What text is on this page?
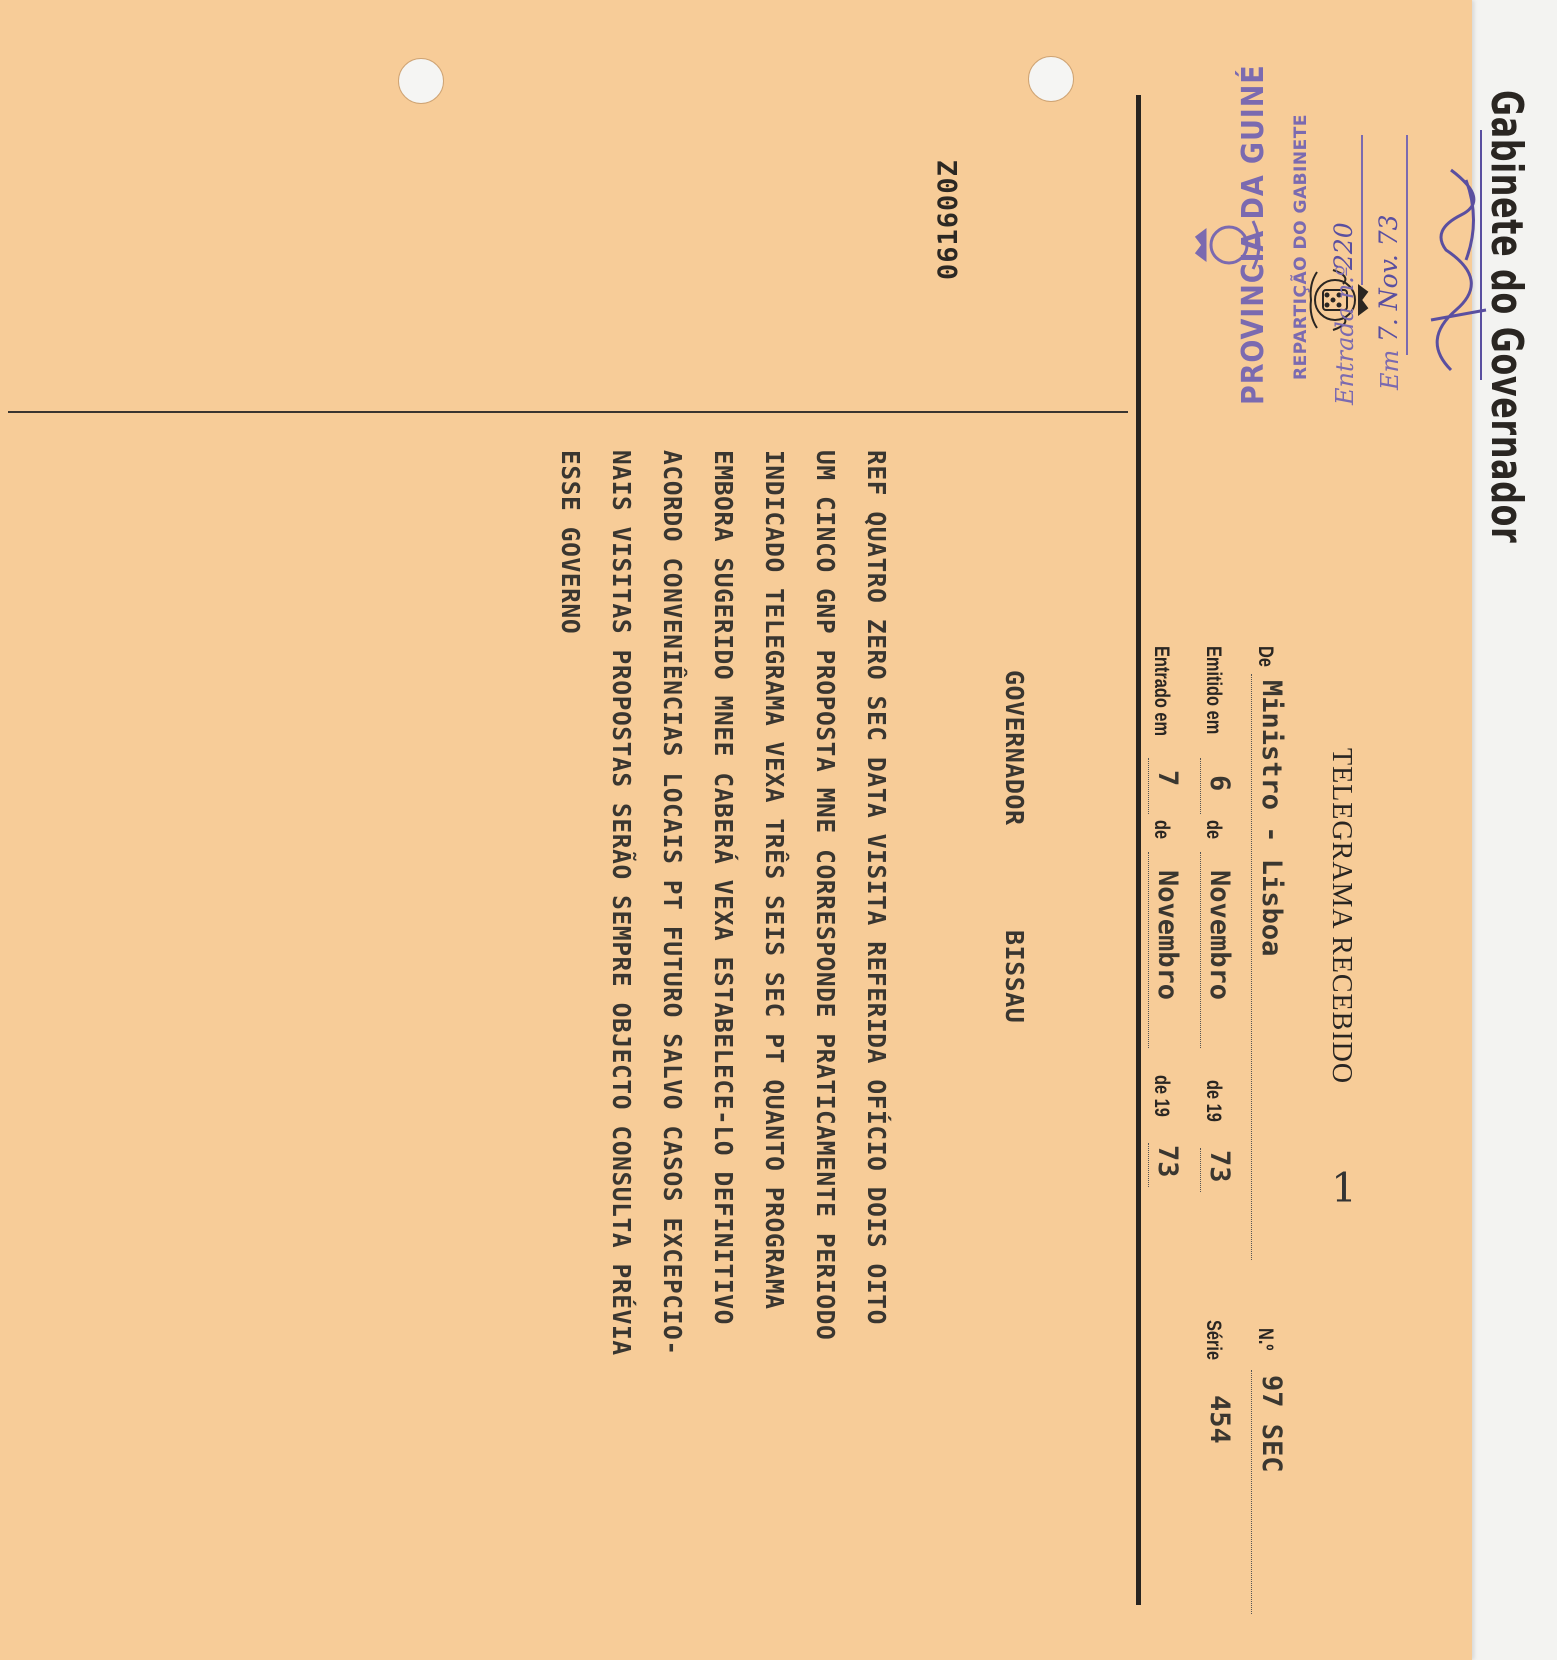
Gabinete do Governador
TELEGRAMA RECEBIDO
De
Ministro - Lisboa
N.º
97 SEC
Emitido em
6
de
Novembro
de 19
73
Série
454
Entrado em
7
de
Novembro
de 19
73
1
GOVERNADOR
BISSAU
REF QUATRO ZERO SEC DATA VISITA REFERIDA OFÍCIO DOIS OITO
UM CINCO GNP PROPOSTA MNE CORRESPONDE PRATICAMENTE PERIODO
INDICADO TELEGRAMA VEXA TRÊS SEIS SEC PT QUANTO PROGRAMA
EMBORA SUGERIDO MNEE CABERÁ VEXA ESTABELECE-LO DEFINITIVO
ACORDO CONVENIÊNCIAS LOCAIS PT FUTURO SALVO CASOS EXCEPCIO-
NAIS VISITAS PROPOSTAS SERÃO SEMPRE OBJECTO CONSULTA PRÉVIA
ESSE GOVERNO
061600Z	PROVINCIA DA GUINÉ REPARTIÇÃO DO GABINETE Entrada n.º
220
Em
7. Nov. 73
